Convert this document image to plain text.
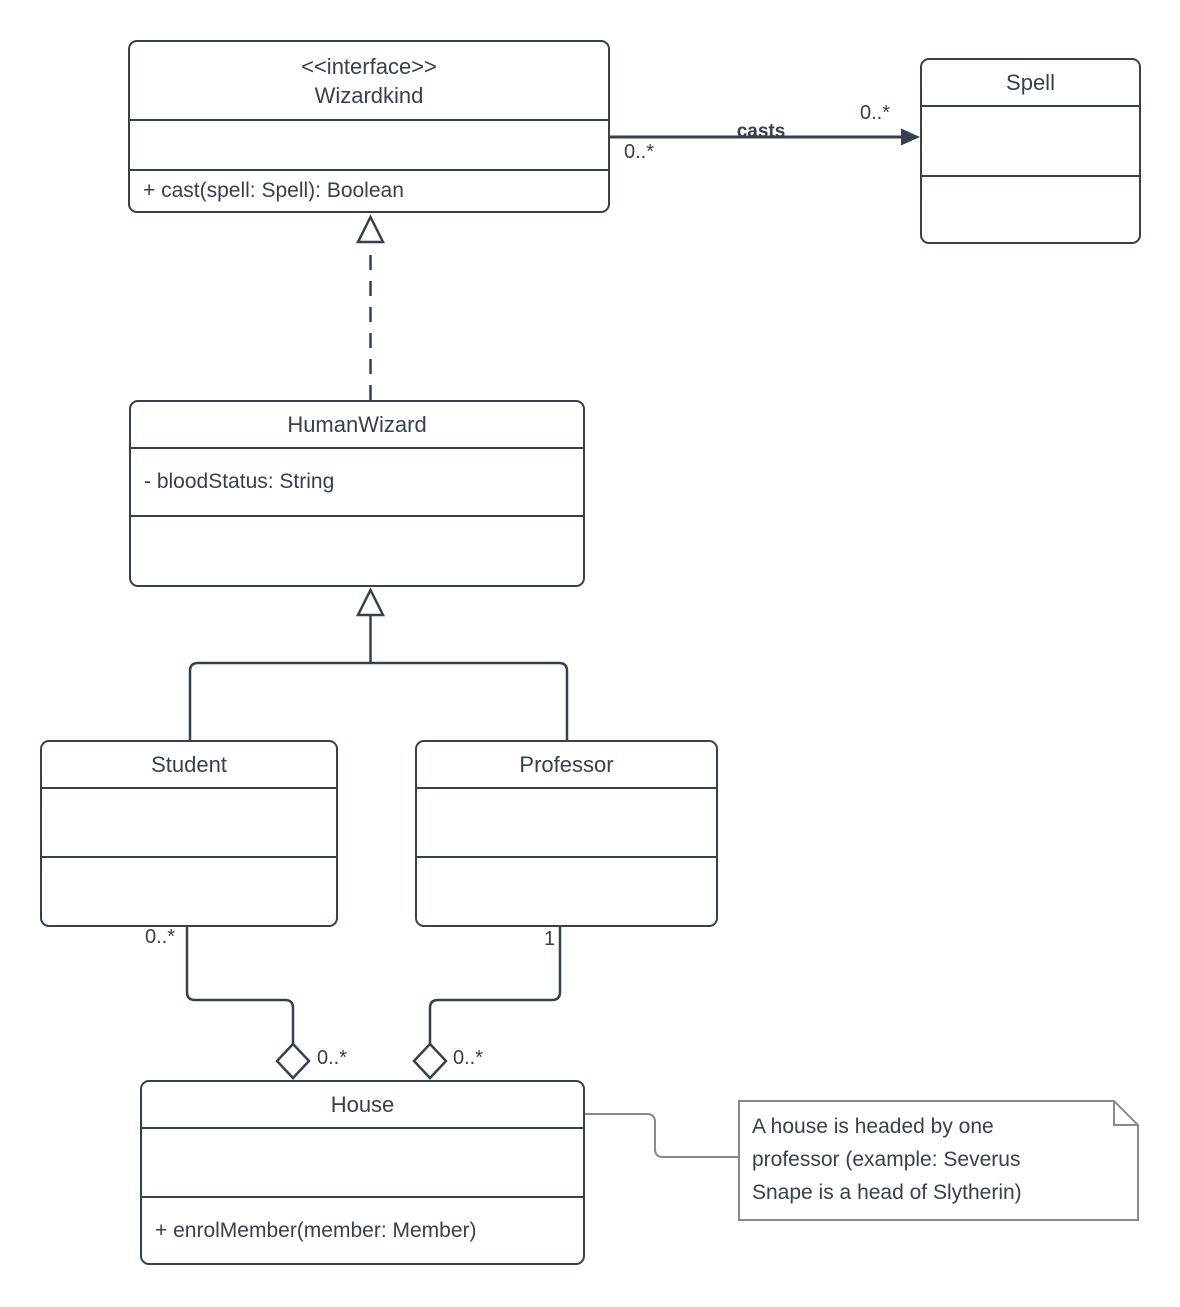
<<interface>>
Wizardkind
+ cast(spell: Spell): Boolean
Spell
HumanWizard
- bloodStatus: String
Student	Professor
House
+ enrolMember(member: Member)
casts
0..*
0..*
0..*	1
0..*	0..*
A house is headed by one professor (example: Severus Snape is a head of Slytherin)
